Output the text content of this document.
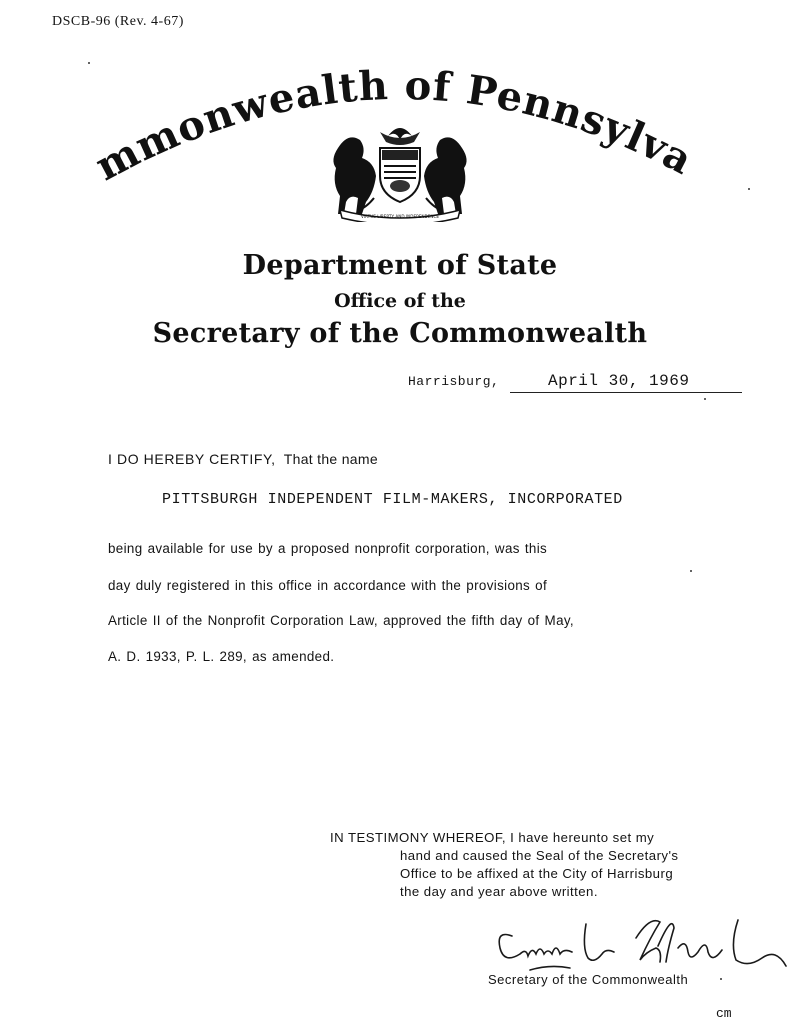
DSCB-96 (Rev. 4-67)
mmonwealth of Pennsylva
VIRTUE LIBERTY AND INDEPENDENCE
Department of State
Office of the
Secretary of the Commonwealth
Harrisburg,	April 30, 1969
I DO HEREBY CERTIFY, That the name
PITTSBURGH INDEPENDENT FILM-MAKERS, INCORPORATED
being available for use by a proposed nonprofit corporation, was this
day duly registered in this office in accordance with the provisions of
Article II of the Nonprofit Corporation Law, approved the fifth day of May,
A. D. 1933, P. L. 289, as amended.
IN TESTIMONY WHEREOF, I have hereunto set my
hand and caused the Seal of the Secretary's
Office to be affixed at the City of Harrisburg
the day and year above written.
Secretary of the Commonwealth
cm
